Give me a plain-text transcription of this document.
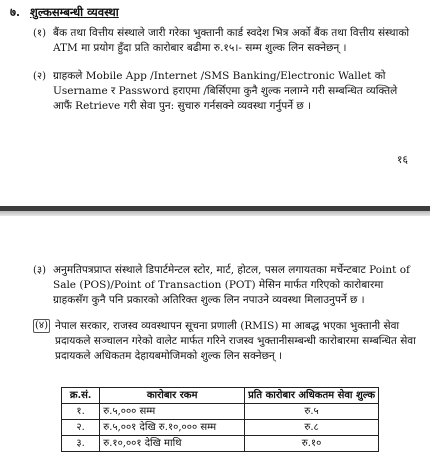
७. शुल्कसम्बन्धी व्यवस्था
(१) बैंक तथा वित्तीय संस्थाले जारी गरेका भुक्तानी कार्ड स्वदेश भित्र अर्को बैंक तथा वित्तीय संस्थाको ATM मा प्रयोग हुँदा प्रति कारोबार बढीमा रु.१५।- सम्म शुल्क लिन सक्नेछन् ।
(२) ग्राहकले Mobile App /Internet /SMS Banking/Electronic Wallet को Username र Password हराएमा /बिर्सिएमा कुनै शुल्क नलाग्ने गरी सम्बन्धित व्यक्तिले आफैं Retrieve गरी सेवा पुन: सुचारु गर्नसक्ने व्यवस्था गर्नुपर्ने छ ।
१६
(३) अनुमतिपत्रप्राप्त संस्थाले डिपार्टमेन्टल स्टोर, मार्ट, होटल, पसल लगायतका मर्चेन्टबाट Point of Sale (POS)/Point of Transaction (POT) मेसिन मार्फत गरिएको कारोबारमा ग्राहकसँग कुनै पनि प्रकारको अतिरिक्त शुल्क लिन नपाउने व्यवस्था मिलाउनुपर्ने छ ।
(४) नेपाल सरकार, राजस्व व्यवस्थापन सूचना प्रणाली (RMIS) मा आबद्ध भएका भुक्तानी सेवा प्रदायकले सञ्चालन गरेको वालेट मार्फत गरिने राजस्व भुक्तानीसम्बन्धी कारोबारमा सम्बन्धित सेवा प्रदायकले अधिकतम देहायबमोजिमको शुल्क लिन सक्नेछन् ।
क्र.सं.	कारोबार रकम	प्रति कारोबार अधिकतम सेवा शुल्क
१.	रु.५,००० सम्म	रु.५
२.	रु.५,००१ देखि रु.१०,००० सम्म	रु.८
३.	रु.१०,००१ देखि माथि	रु.१०
